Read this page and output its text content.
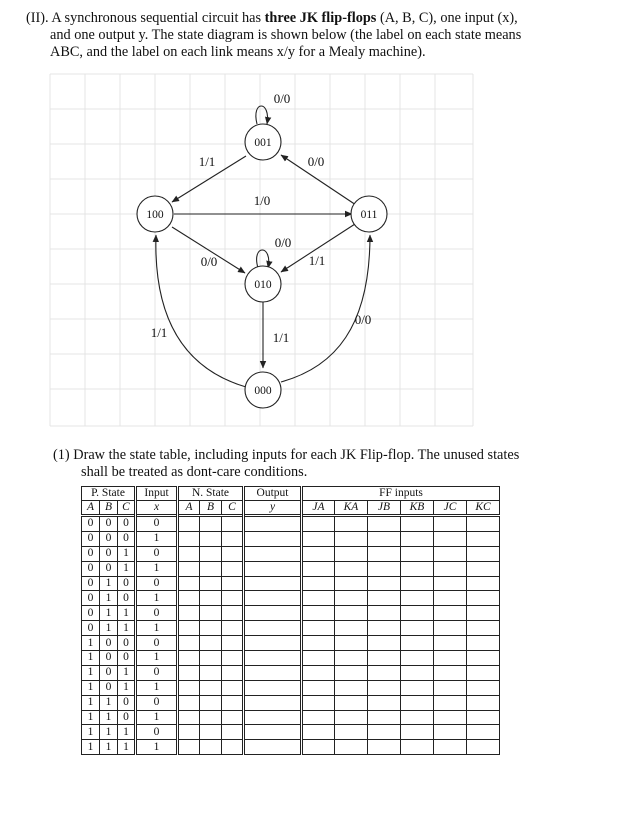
(II). A synchronous sequential circuit has three JK flip-flops (A, B, C), one input (x),
and one output y. The state diagram is shown below (the label on each state means
ABC, and the label on each link means x/y for a Mealy machine).
001
100	011
010
000
0/0
1/1	0/0
1/0
0/0
0/0
1/1
1/1
1/1
0/0
(1) Draw the state table, including inputs for each JK Flip-flop. The unused states
shall be treated as dont-care conditions.
P. State			Input	N. State			Output	FF inputs					
A	B	C	x	A	B	C	y	JA	KA	JB	KB	JC	KC
0	0	0	0										
0	0	0	1										
0	0	1	0										
0	0	1	1										
0	1	0	0										
0	1	0	1										
0	1	1	0										
0	1	1	1										
1	0	0	0										
1	0	0	1										
1	0	1	0										
1	0	1	1										
1	1	0	0										
1	1	0	1										
1	1	1	0										
1	1	1	1										
